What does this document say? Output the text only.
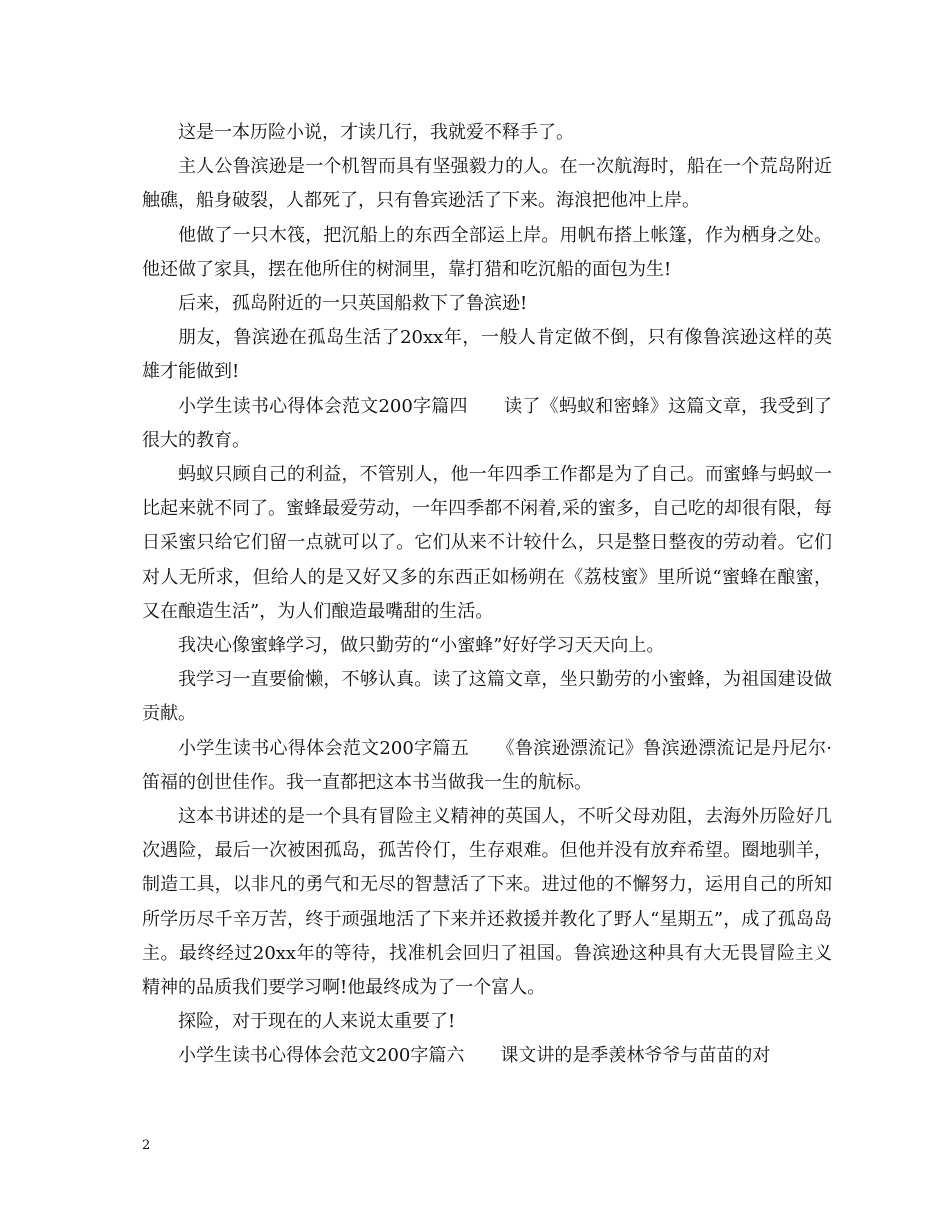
这是一本历险小说，才读几行，我就爱不释手了。

主人公鲁滨逊是一个机智而具有坚强毅力的人。在一次航海时，船在一个荒岛附近触礁，船身破裂，人都死了，只有鲁宾逊活了下来。海浪把他冲上岸。

他做了一只木筏，把沉船上的东西全部运上岸。用帆布搭上帐篷，作为栖身之处。他还做了家具，摆在他所住的树洞里，靠打猎和吃沉船的面包为生!

后来，孤岛附近的一只英国船救下了鲁滨逊!

朋友，鲁滨逊在孤岛生活了20xx年，一般人肯定做不倒，只有像鲁滨逊这样的英雄才能做到!

小学生读书心得体会范文200字篇四　　读了《蚂蚁和密蜂》这篇文章，我受到了很大的教育。

蚂蚁只顾自己的利益，不管别人，他一年四季工作都是为了自己。而蜜蜂与蚂蚁一比起来就不同了。蜜蜂最爱劳动，一年四季都不闲着,采的蜜多，自己吃的却很有限，每日采蜜只给它们留一点就可以了。它们从来不计较什么，只是整日整夜的劳动着。它们对人无所求，但给人的是又好又多的东西正如杨朔在《荔枝蜜》里所说“蜜蜂在酿蜜，又在酿造生活”，为人们酿造最嘴甜的生活。

我决心像蜜蜂学习，做只勤劳的“小蜜蜂”好好学习天天向上。

我学习一直要偷懒，不够认真。读了这篇文章，坐只勤劳的小蜜蜂，为祖国建设做贡献。

小学生读书心得体会范文200字篇五　　《鲁滨逊漂流记》鲁滨逊漂流记是丹尼尔·笛福的创世佳作。我一直都把这本书当做我一生的航标。

这本书讲述的是一个具有冒险主义精神的英国人，不听父母劝阻，去海外历险好几次遇险，最后一次被困孤岛，孤苦伶仃，生存艰难。但他并没有放弃希望。圈地驯羊，制造工具，以非凡的勇气和无尽的智慧活了下来。进过他的不懈努力，运用自己的所知所学历尽千辛万苦，终于顽强地活了下来并还救援并教化了野人“星期五”，成了孤岛岛主。最终经过20xx年的等待，找准机会回归了祖国。鲁滨逊这种具有大无畏冒险主义精神的品质我们要学习啊!他最终成为了一个富人。

探险，对于现在的人来说太重要了!

小学生读书心得体会范文200字篇六　　课文讲的是季羡林爷爷与苗苗的对

2
